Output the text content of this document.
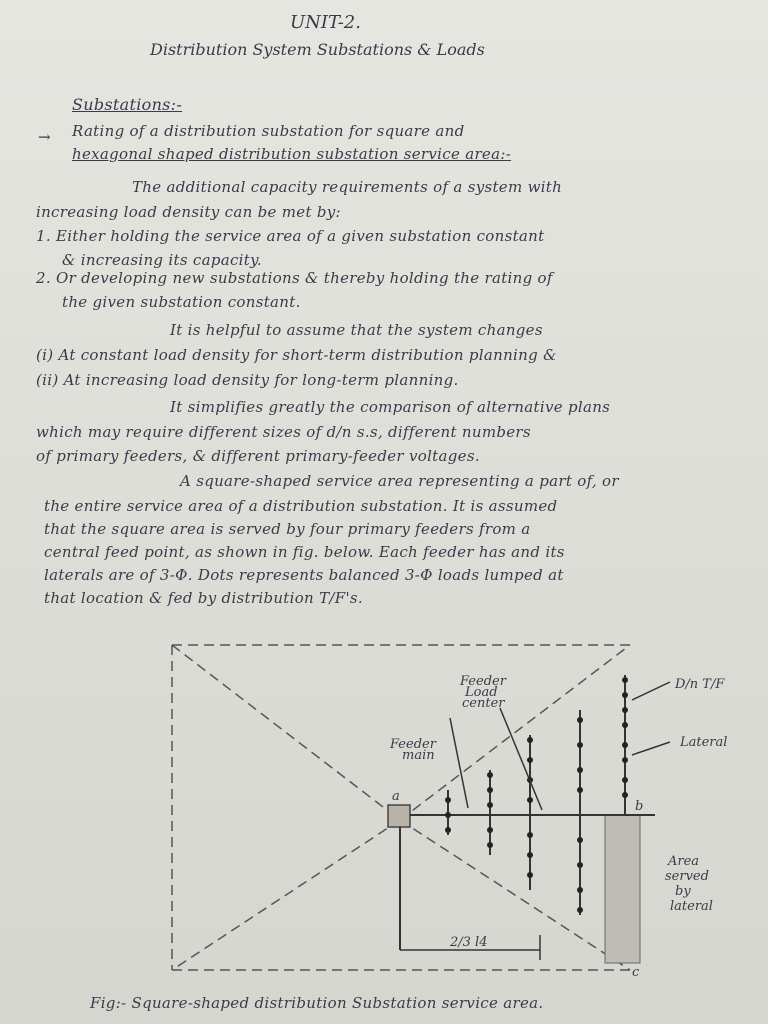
UNIT-2.
Distribution System Substations & Loads
Substations:-
→	Rating of a distribution substation for square and
hexagonal shaped distribution substation service area:-
The additional capacity requirements of a system with
increasing load density can be met by:
1. Either holding the service area of a given substation constant
& increasing its capacity.
2. Or developing new substations & thereby holding the rating of
the given substation constant.
It is helpful to assume that the system changes
(i) At constant load density for short-term distribution planning &
(ii) At increasing load density for long-term planning.
It simplifies greatly the comparison of alternative plans
which may require different sizes of d/n s.s, different numbers
of primary feeders, & different primary-feeder voltages.
A square-shaped service area representing a part of, or
the entire service area of a distribution substation. It is assumed
that the square area is served by four primary feeders from a
central feed point, as shown in fig. below. Each feeder has and its
laterals are of 3-Φ. Dots represents balanced 3-Φ loads lumped at
that location & fed by distribution T/F's.
a
b
c
Feeder
Load
center
Feeder
main
D/n T/F
Lateral
Area
served
by
lateral
2/3 l4
Fig:- Square-shaped distribution Substation service area.
